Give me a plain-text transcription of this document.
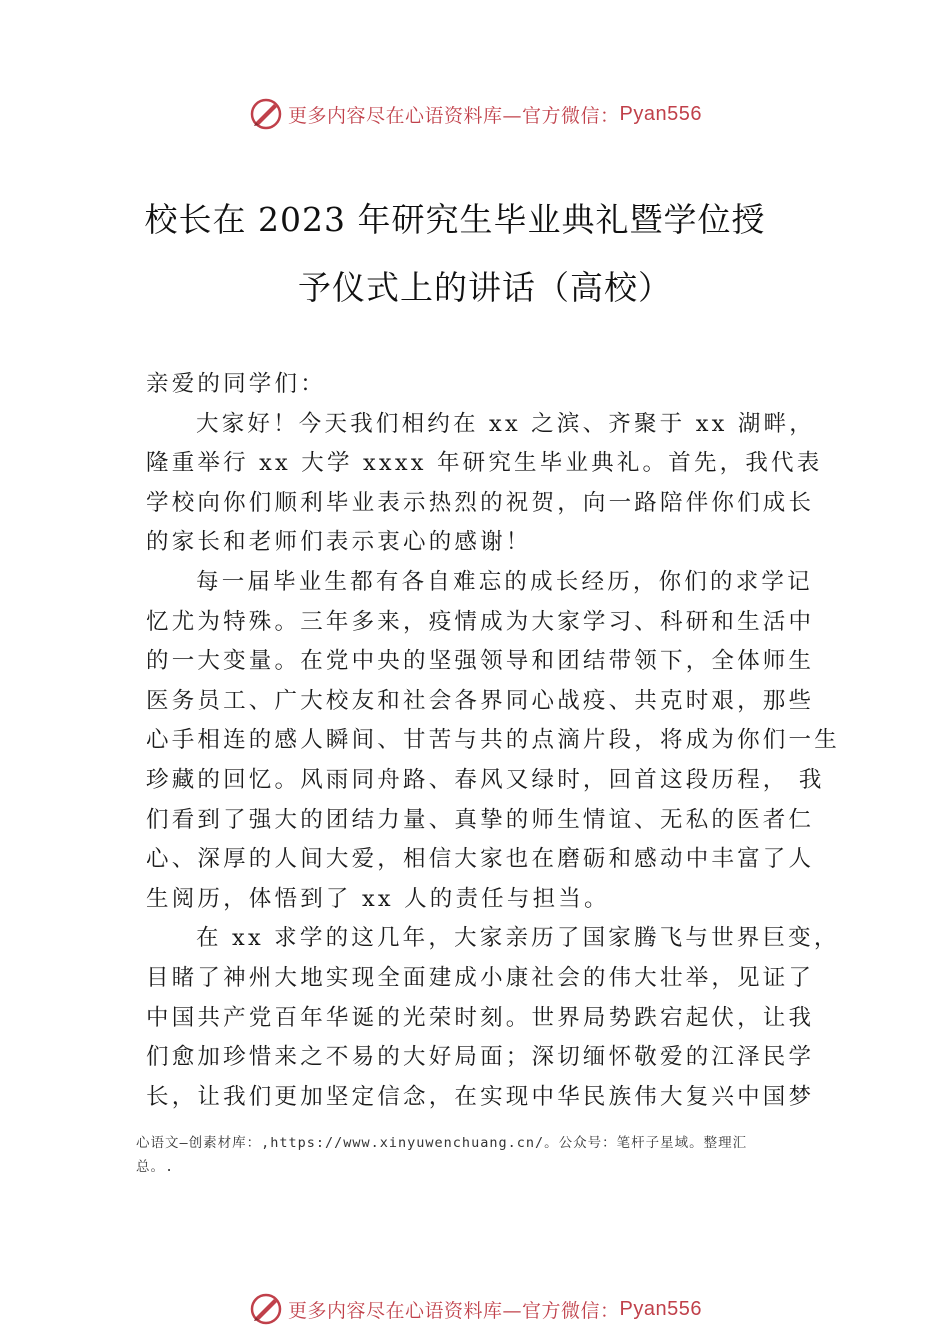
更多内容尽在心语资料库— 官方微信： Pyan556
校长在 2023 年研究生毕业典礼暨学位授
予仪式上的讲话（高校）
亲爱的同学们：
大家好！今天我们相约在 xx 之滨、齐聚于 xx 湖畔，
隆重举行 xx 大学 xxxx 年研究生毕业典礼。首先，我代表
学校向你们顺利毕业表示热烈的祝贺，向一路陪伴你们成长
的家长和老师们表示衷心的感谢！
每一届毕业生都有各自难忘的成长经历，你们的求学记
忆尤为特殊。三年多来，疫情成为大家学习、科研和生活中
的一大变量。在党中央的坚强领导和团结带领下，全体师生
医务员工、广大校友和社会各界同心战疫、共克时艰，那些
心手相连的感人瞬间、甘苦与共的点滴片段，将成为你们一生
珍藏的回忆。风雨同舟路、春风又绿时，回首这段历程， 我
们看到了强大的团结力量、真挚的师生情谊、无私的医者仁
心、深厚的人间大爱，相信大家也在磨砺和感动中丰富了人
生阅历，体悟到了 xx 人的责任与担当。
在 xx 求学的这几年，大家亲历了国家腾飞与世界巨变，
目睹了神州大地实现全面建成小康社会的伟大壮举，见证了
中国共产党百年华诞的光荣时刻。世界局势跌宕起伏，让我
们愈加珍惜来之不易的大好局面；深切缅怀敬爱的江泽民学
长，让我们更加坚定信念，在实现中华民族伟大复兴中国梦
心语文—创素材库：,https://www.xinyuwenchuang.cn/。公众号：笔杆子星域。整理汇
总。.
更多内容尽在心语资料库— 官方微信： Pyan556
